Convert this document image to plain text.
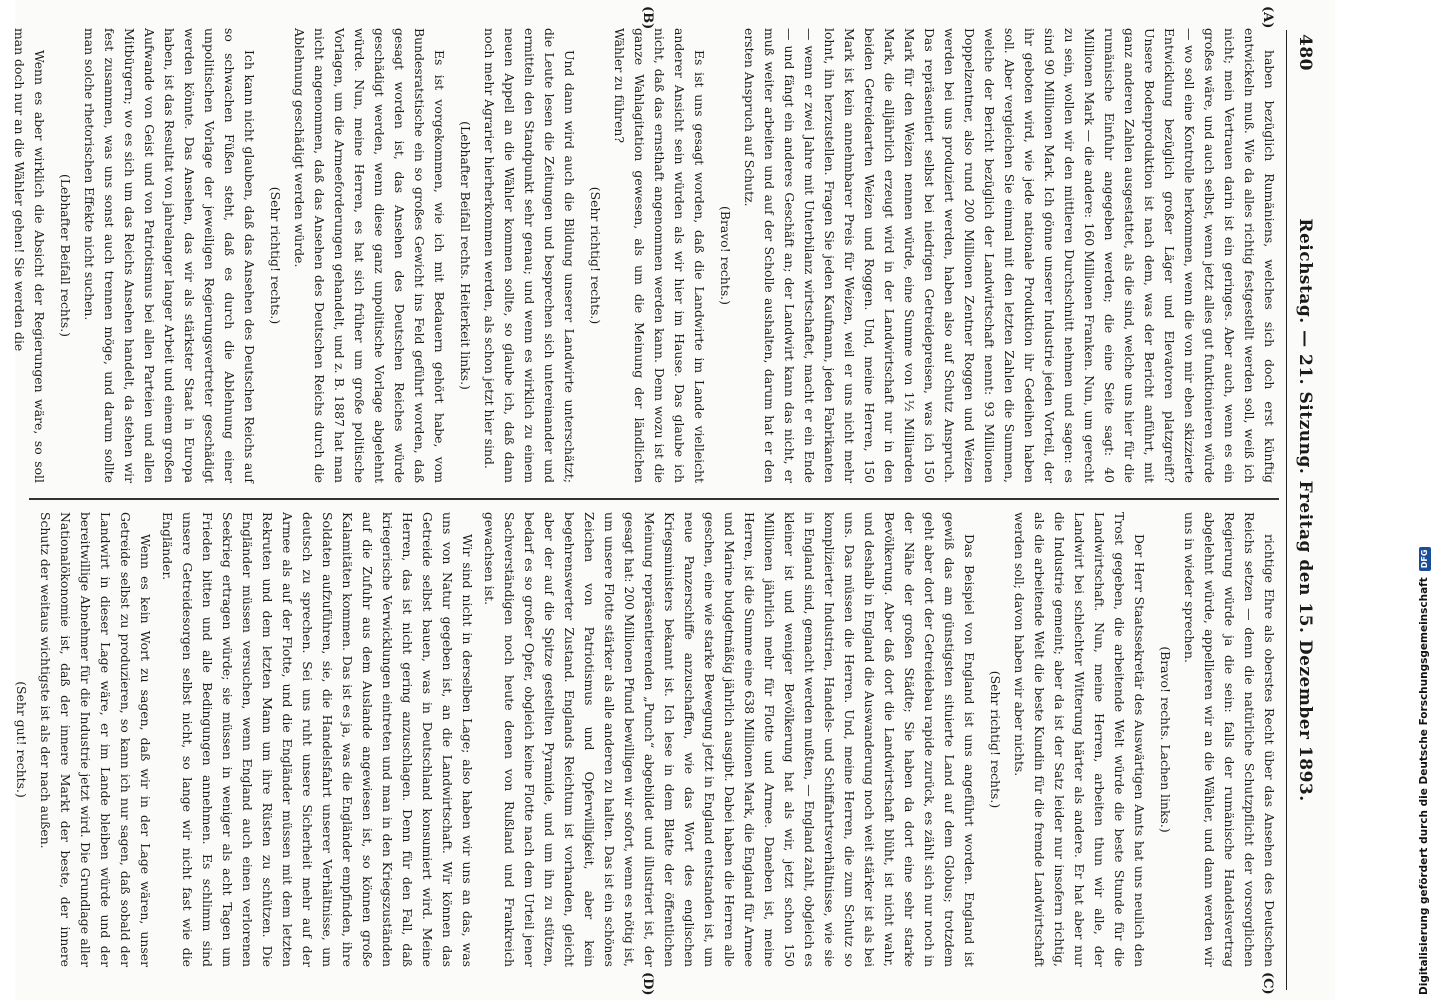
480
Reichstag. — 21. Sitzung. Freitag den 15. Dezember 1893.
(A)
(B)
(C)
(D)

haben bezüglich Rumäniens, welches sich doch erst künftig entwickeln muß. Wie da alles richtig festgestellt werden soll, weiß ich nicht; mein Vertrauen darin ist ein geringes. Aber auch, wenn es ein großes wäre, und auch selbst, wenn jetzt alles gut funktionieren würde — wo soll eine Kontrolle herkommen, wenn die von mir eben skizzierte Entwicklung bezüglich großer Läger und Elevatoren platzgreift? Unsere Bodenproduktion ist nach dem, was der Bericht anführt, mit ganz anderen Zahlen ausgestattet, als die sind, welche uns hier für die rumänische Einfuhr angegeben werden; die eine Seite sagt: 40 Millionen Mark — die andere: 160 Millionen Franken. Nun, um gerecht zu sein, wollen wir den mittleren Durchschnitt nehmen und sagen: es sind 90 Millionen Mark. Ich gönne unserer Industrie jeden Vorteil, der ihr geboten wird, wie jede nationale Produktion ihr Gedeihen haben soll. Aber vergleichen Sie einmal mit den letzten Zahlen die Summen, welche der Bericht bezüglich der Landwirtschaft nennt: 93 Millionen Doppelzentner, also rund 200 Millionen Zentner Roggen und Weizen werden bei uns produziert werden, haben also auf Schutz Anspruch. Das repräsentiert selbst bei niedrigen Getreidepreisen, was ich 150 Mark für den Weizen nennen würde, eine Summe von 1½ Milliarden Mark, die alljährlich erzeugt wird in der Landwirtschaft nur in den beiden Getreidearten Weizen und Roggen. Und, meine Herren, 150 Mark ist kein annehmbarer Preis für Weizen, weil er uns nicht mehr lohnt, ihn herzustellen. Fragen Sie jeden Kaufmann, jeden Fabrikanten — wenn er zwei Jahre mit Unterbilanz wirtschaftet, macht er ein Ende — und fängt ein anderes Geschäft an; der Landwirt kann das nicht, er muß weiter arbeiten und auf der Scholle aushalten, darum hat er den ersten Anspruch auf Schutz.

(Bravo! rechts.)

Es ist uns gesagt worden, daß die Landwirte im Lande vielleicht anderer Ansicht sein würden als wir hier im Hause. Das glaube ich nicht, daß das ernsthaft angenommen werden kann. Denn wozu ist die ganze Wahlagitation gewesen, als um die Meinung der ländlichen Wähler zu führen?

(Sehr richtig! rechts.)

Und dann wird auch die Bildung unserer Landwirte unterschätzt; die Leute lesen die Zeitungen und besprechen sich untereinander und ermitteln den Standpunkt sehr genau; und wenn es wirklich zu einem neuen Appell an die Wähler kommen sollte, so glaube ich, daß dann noch mehr Agrarier hierherkommen werden, als schon jetzt hier sind.

(Lebhafter Beifall rechts. Heiterkeit links.)

Es ist vorgekommen, wie ich mit Bedauern gehört habe, vom Bundesratstische ein so großes Gewicht ins Feld geführt worden, daß gesagt worden ist, das Ansehen des Deutschen Reiches würde geschädigt werden, wenn diese ganz unpolitische Vorlage abgelehnt würde. Nun, meine Herren, es hat sich früher um große politische Vorlagen, um die Armeeforderungen gehandelt, und z. B. 1887 hat man nicht angenommen, daß das Ansehen des Deutschen Reichs durch die Ablehnung geschädigt werden würde.

(Sehr richtig! rechts.)

Ich kann nicht glauben, daß das Ansehen des Deutschen Reichs auf so schwachen Füßen steht, daß es durch die Ablehnung einer unpolitischen Vorlage der jeweiligen Regierungsvertreter geschädigt werden könnte. Das Ansehen, das wir als stärkster Staat in Europa haben, ist das Resultat von jahrelanger langer Arbeit und einem großen Aufwande von Geist und von Patriotismus bei allen Parteien und allen Mitbürgern; wo es sich um das Reichs Ansehen handelt, da stehen wir fest zusammen, was uns sonst auch trennen möge, und darum sollte man solche rhetorischen Effekte nicht suchen.

(Lebhafter Beifall rechts.)

Wenn es aber wirklich die Absicht der Regierungen wäre, so soll man doch nur an die Wähler gehen! Sie werden die

richtige Ehre als oberstes Recht über das Ansehen des Deutschen Reichs setzen — denn die natürliche Schutzpflicht der vorsorglichen Regierung würde ja die sein: falls der rumänische Handelsvertrag abgelehnt würde, appellieren wir an die Wähler, und dann werden wir uns in wieder sprechen.

(Bravo! rechts. Lachen links.)

Der Herr Staatssekretär des Auswärtigen Amts hat uns neulich den Trost gegeben, die arbeitende Welt würde die beste Stunde für die Landwirtschaft. Nun, meine Herren, arbeiten thun wir alle, der Landwirt bei schlechter Witterung härter als andere. Er hat aber nur die Industrie gemeint; aber da ist der Satz leider nur insofern richtig, als die arbeitende Welt die beste Kundin für die fremde Landwirtschaft werden soll; davon haben wir aber nichts.

(Sehr richtig! rechts.)

Das Beispiel von England ist uns angeführt worden. England ist gewiß das am günstigsten situierte Land auf dem Globus; trotzdem geht aber dort der Getreidebau rapide zurück, es zählt sich nur noch in der Nähe der großen Städte; Sie haben da dort eine sehr starke Bevölkerung. Aber daß dort die Landwirtschaft blüht, ist nicht wahr, und deshalb in England die Auswanderung noch weit stärker ist als bei uns. Das müssen die Herren. Und, meine Herren, die zum Schutz so komplizierter Industrien, Handels- und Schiffahrtsverhältnisse, wie sie in England sind, gemacht werden mußten, — England zahlt, obgleich es kleiner ist und weniger Bevölkerung hat als wir, jetzt schon 150 Millionen jährlich mehr für Flotte und Armee. Daneben ist, meine Herren, ist die Summe eine 638 Millionen Mark, die England für Armee und Marine budgetmäßig jährlich ausgibt. Dabei haben die Herren alle geschen, eine wie starke Bewegung jetzt in England entstanden ist, um neue Panzerschiffe anzuschaffen, wie das Wort des englischen Kriegsministers bekannt ist. Ich lese in dem Blatte der öffentlichen Meinung repräsentierenden „Punch“ abgebildet und illustriert ist, der gesagt hat: 200 Millionen Pfund bewilligen wir sofort, wenn es nötig ist, um unsere Flotte stärker als alle anderen zu halten. Das ist ein schönes Zeichen von Patriotismus und Opferwilligkeit, aber kein begehrenswerter Zustand. Englands Reichtum ist vorhanden, gleicht aber der auf die Spitze gestellten Pyramide, und um ihn zu stützen, bedarf es so großer Opfer, obgleich keine Flotte nach dem Urteil jener Sachverständigen noch heute denen von Rußland und Frankreich gewachsen ist.

Wir sind nicht in derselben Lage; also haben wir uns an das, was uns von Natur gegeben ist, an die Landwirtschaft. Wir können das Getreide selbst bauen, was in Deutschland konsumiert wird. Meine Herren, das ist nicht gering anzuschlagen. Denn für den Fall, daß kriegerische Verwicklungen eintreten und man in den Kriegszuständen auf die Zufuhr aus dem Auslande angewiesen ist, so können große Kalamitäten kommen. Das ist es ja, was die Engländer empfinden, ihre Soldaten aufzuführen, sie, die Handelsfahrt unserer Verhältnisse, um deutsch zu sprechen. Sei uns ruht unsere Sicherheit mehr auf der Armee als auf der Flotte, und die Engländer müssen mit dem letzten Rekruten und dem letzten Mann um ihre Rüsten zu schützen. Die Engländer müssen versuchen, wenn England auch einen verlorenen Seekrieg ertragen würde; sie müssen in weniger als acht Tagen um Frieden bitten und alle Bedingungen annehmen. Es schlimm sind unsere Getreidesorgen selbst nicht, so lange wir nicht fast wie die Engländer.

Wenn es kein Wort zu sagen, daß wir in der Lage wären, unser Getreide selbst zu produzieren, so kann ich nur sagen, daß sobald der Landwirt in dieser Lage wäre, er im Lande bleiben würde und der bereitwillige Abnehmer für die Industrie jetzt wird. Die Grundlage aller Nationalökonomie ist, daß der innere Markt der beste, der innere Schutz der weitaus wichtigste ist als der nach außen.

(Sehr gut! rechts.)	Digitalisierung gefördert durch die Deutsche ForschungsgemeinschaftDFG
